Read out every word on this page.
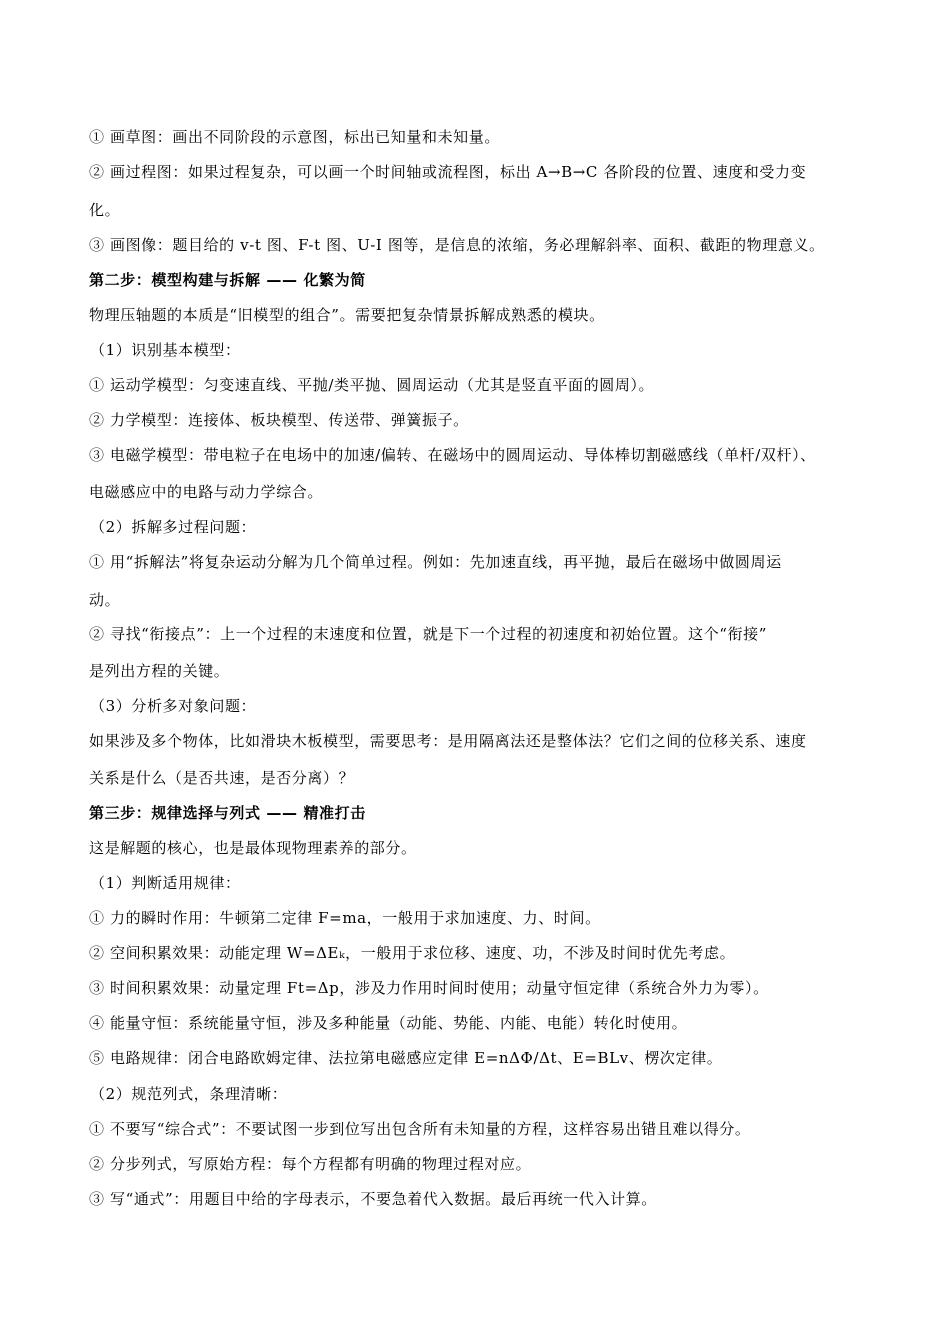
① 画草图：画出不同阶段的示意图，标出已知量和未知量。
② 画过程图：如果过程复杂，可以画一个时间轴或流程图，标出 A→B→C 各阶段的位置、速度和受力变
化。
③ 画图像：题目给的 v-t 图、F-t 图、U-I 图等，是信息的浓缩，务必理解斜率、面积、截距的物理意义。
第二步：模型构建与拆解 —— 化繁为简
物理压轴题的本质是“旧模型的组合”。需要把复杂情景拆解成熟悉的模块。
（1）识别基本模型：
① 运动学模型：匀变速直线、平抛/类平抛、圆周运动（尤其是竖直平面的圆周）。
② 力学模型：连接体、板块模型、传送带、弹簧振子。
③ 电磁学模型：带电粒子在电场中的加速/偏转、在磁场中的圆周运动、导体棒切割磁感线（单杆/双杆）、
电磁感应中的电路与动力学综合。
（2）拆解多过程问题：
① 用“拆解法”将复杂运动分解为几个简单过程。例如：先加速直线，再平抛，最后在磁场中做圆周运
动。
② 寻找“衔接点”：上一个过程的末速度和位置，就是下一个过程的初速度和初始位置。这个“衔接”
是列出方程的关键。
（3）分析多对象问题：
如果涉及多个物体，比如滑块木板模型，需要思考：是用隔离法还是整体法？它们之间的位移关系、速度
关系是什么（是否共速，是否分离）？
第三步：规律选择与列式 —— 精准打击
这是解题的核心，也是最体现物理素养的部分。
（1）判断适用规律：
① 力的瞬时作用：牛顿第二定律 F=ma，一般用于求加速度、力、时间。
② 空间积累效果：动能定理 W=ΔEₖ，一般用于求位移、速度、功，不涉及时间时优先考虑。
③ 时间积累效果：动量定理 Ft=Δp，涉及力作用时间时使用；动量守恒定律（系统合外力为零）。
④ 能量守恒：系统能量守恒，涉及多种能量（动能、势能、内能、电能）转化时使用。
⑤ 电路规律：闭合电路欧姆定律、法拉第电磁感应定律 E=nΔΦ/Δt、E=BLv、楞次定律。
（2）规范列式，条理清晰：
① 不要写“综合式”：不要试图一步到位写出包含所有未知量的方程，这样容易出错且难以得分。
② 分步列式，写原始方程：每个方程都有明确的物理过程对应。
③ 写“通式”：用题目中给的字母表示，不要急着代入数据。最后再统一代入计算。
